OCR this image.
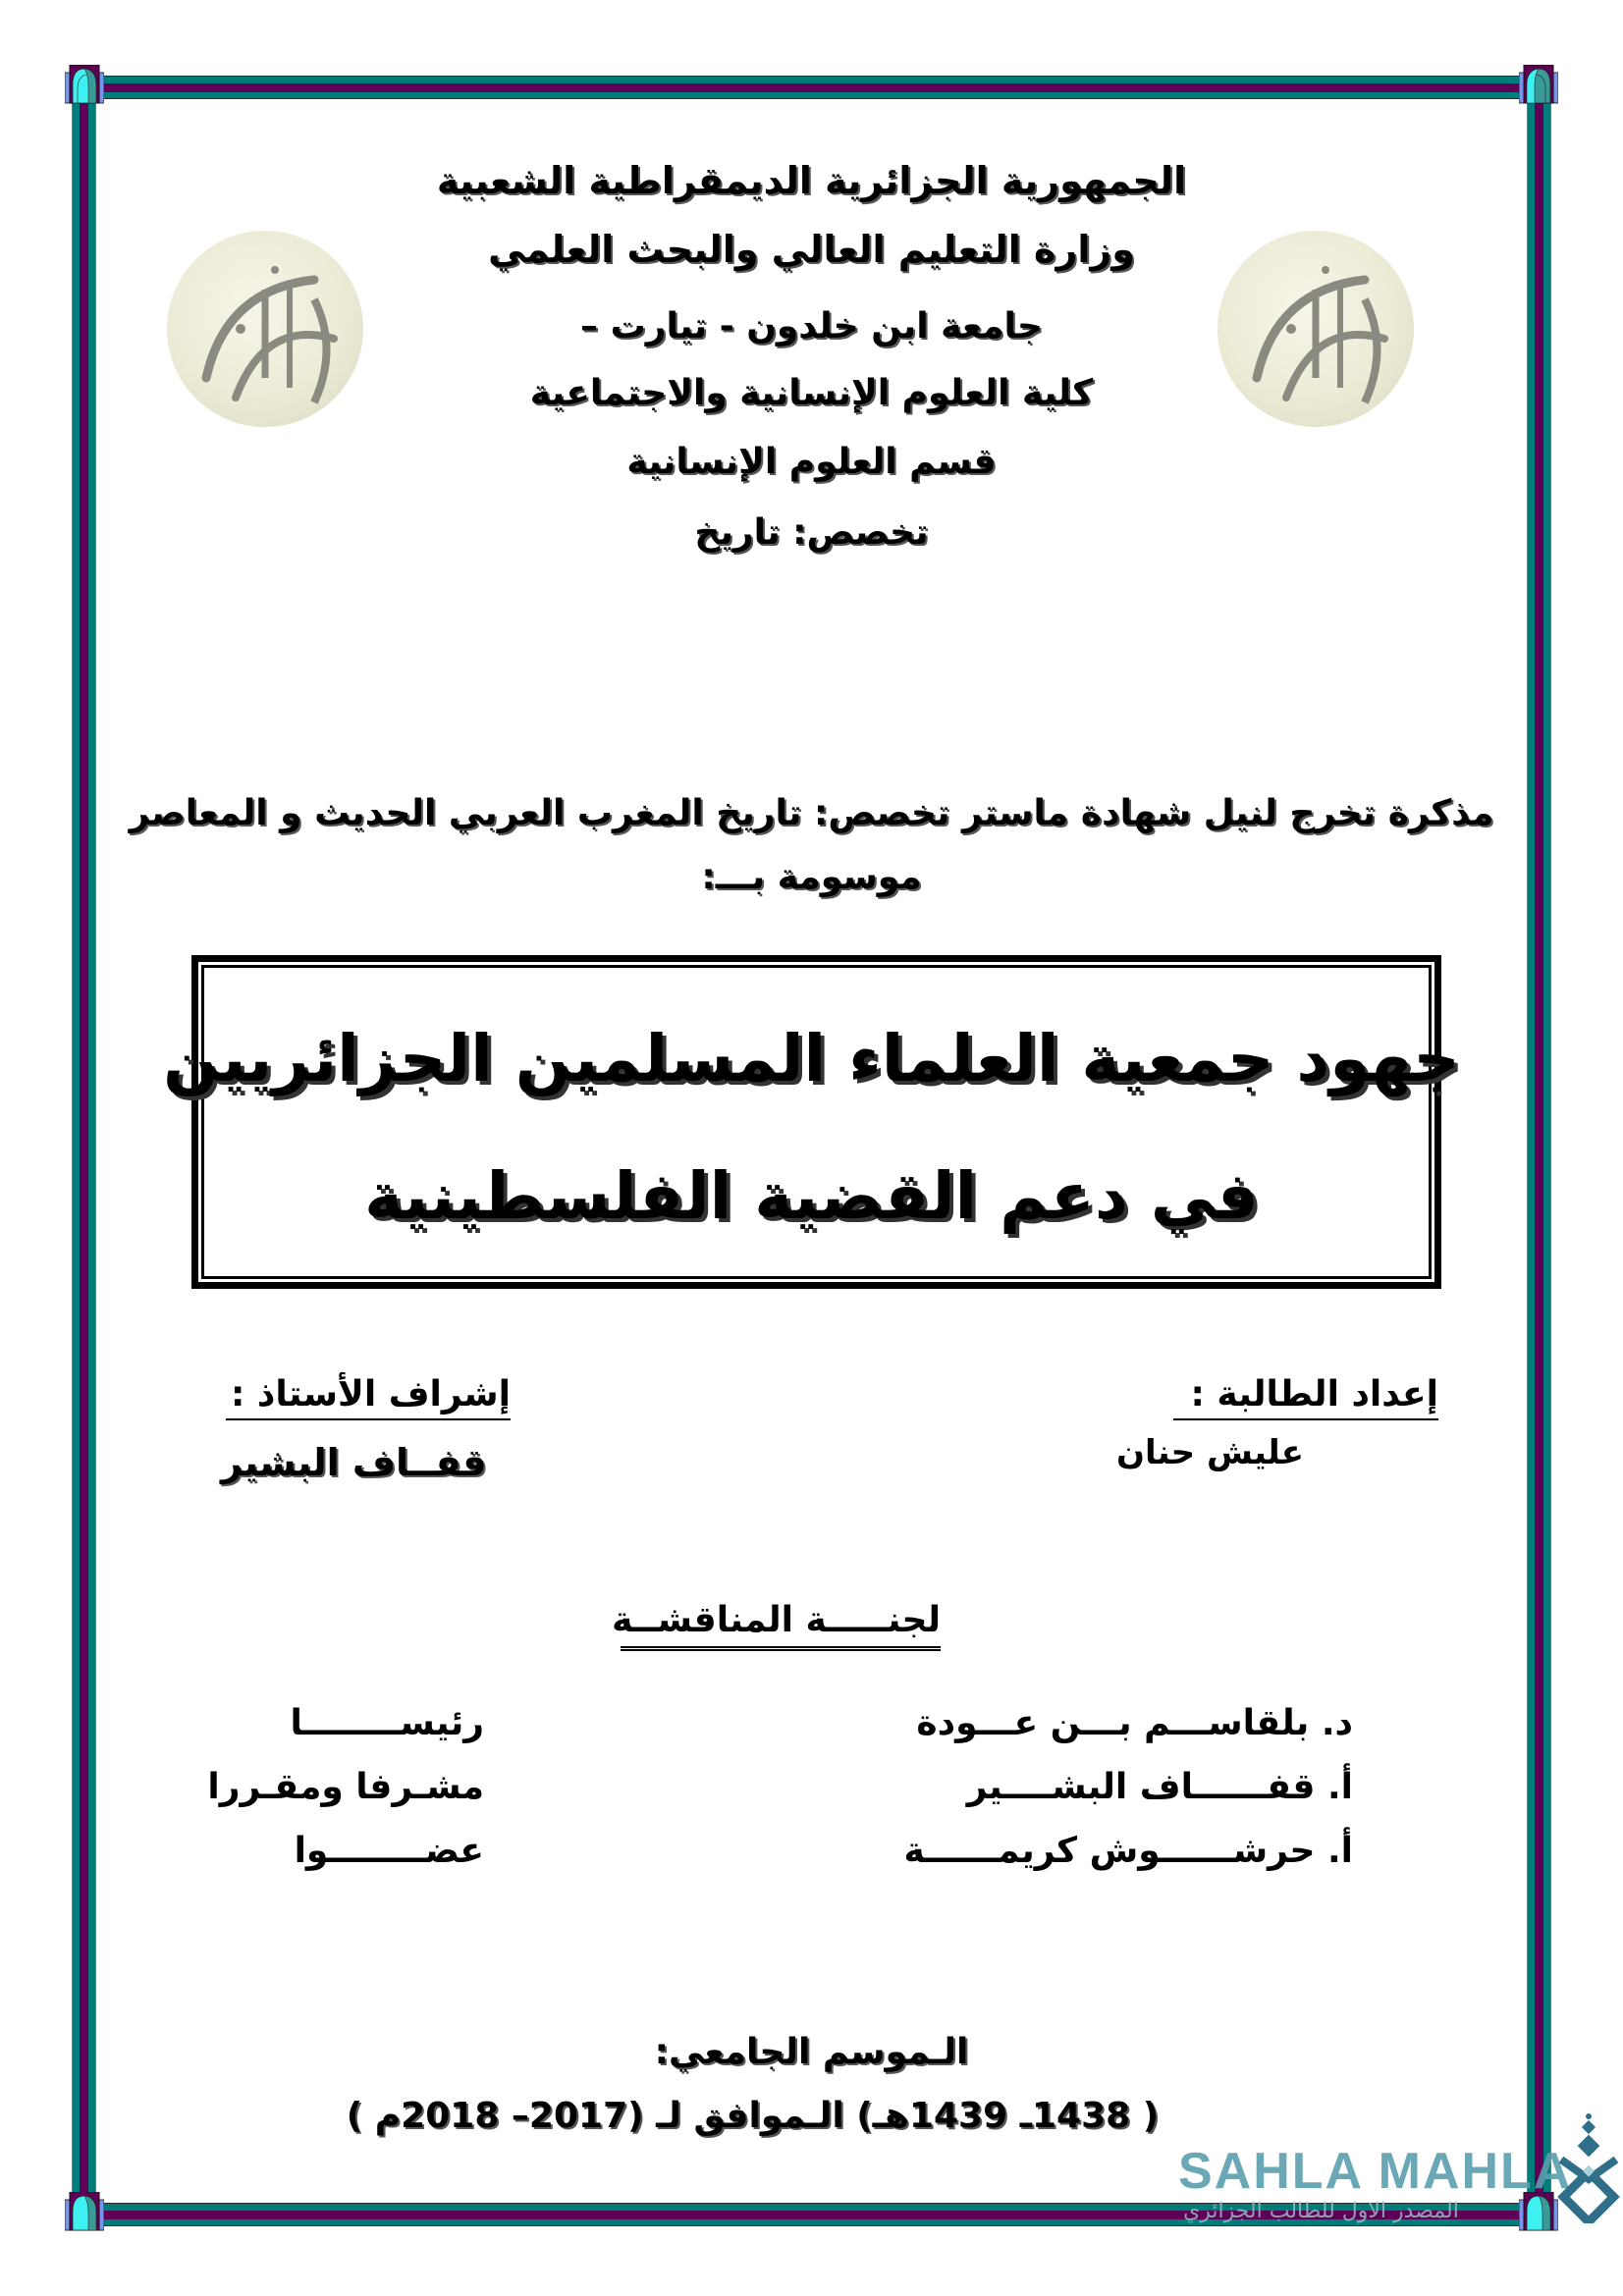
الجمهورية الجزائرية الديمقراطية الشعبية
وزارة التعليم العالي والبحث العلمي
جامعة ابن خلدون - تيارت –
كلية العلوم الإنسانية والاجتماعية
قسم العلوم الإنسانية
تخصص: تاريخ
مذكرة تخرج لنيل شهادة ماستر تخصص: تاريخ المغرب العربي الحديث و المعاصر
موسومة بـــ:
جهود جمعية العلماء المسلمين الجزائريين
في دعم القضية الفلسطينية
إعداد الطالبة :
عليش حنان
إشراف الأستاذ :
قفــاف البشير
لجنـــــة المناقشــة
د. بلقاســـم بـــن عـــودة
رئيســــــــا
أ. قفــــــاف البشــــير
مشـرفا ومقـررا
أ. حرشــــــوش كريمــــــة
عضــــــــوا
الـموسم الجامعي:
( 1438ـ 1439هـ) الـموافق لـ (2017– 2018م )
SAHLA MAHLA
المصدر الاول للطالب الجزائري
